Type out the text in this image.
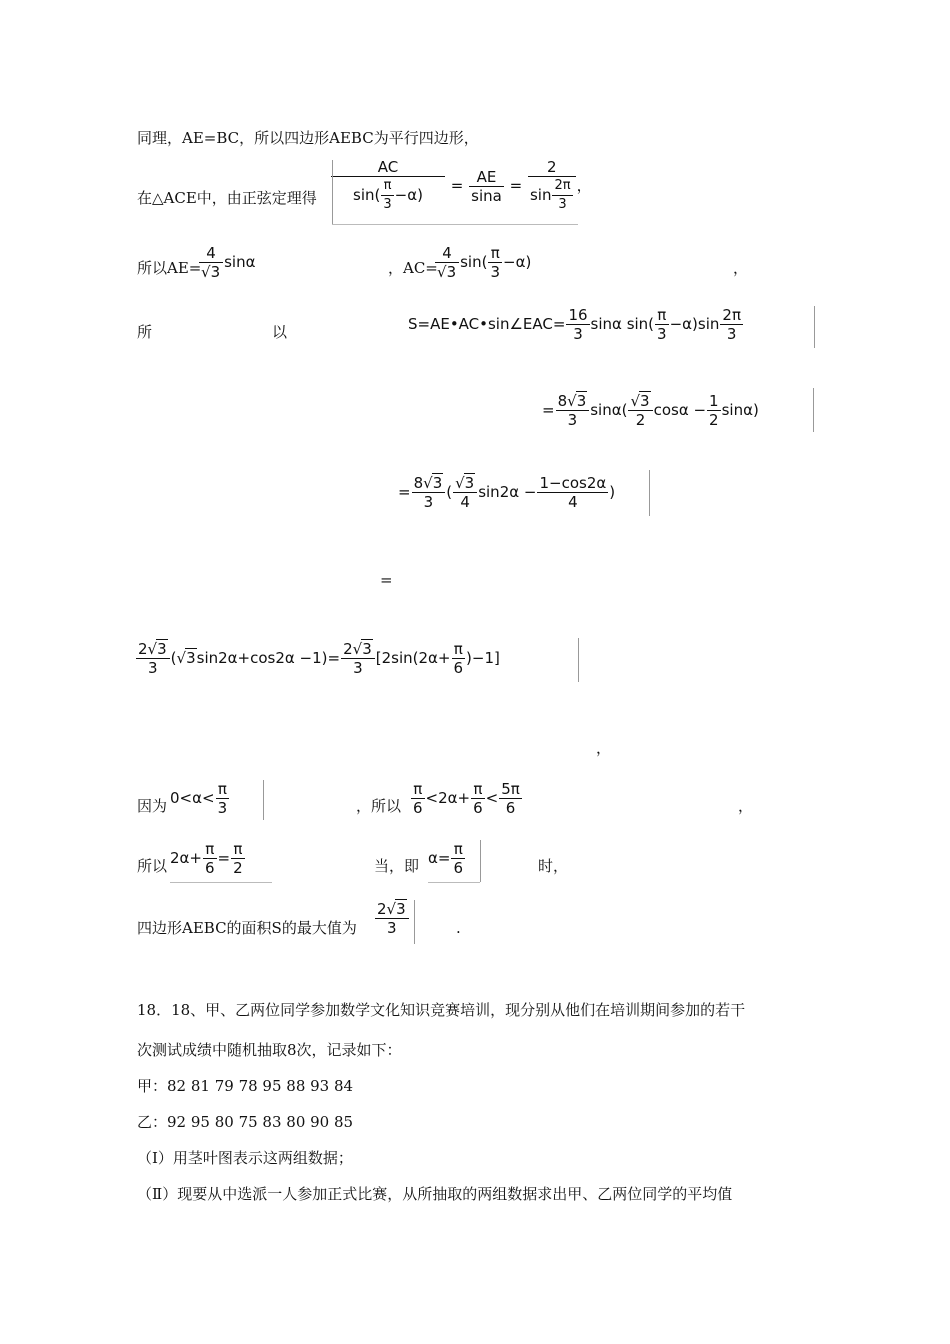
同理，AE=BC，所以四边形AEBC为平行四边形，
在△ACE中，由正弦定理得 $\frac{AC}{\sin( \frac{\pi}{3} -\alpha)} = \frac{AE}{\sin a} = \frac{2}{\sin \frac{2\pi}{3}}$ ，
所以AE=
$\frac{4}{√3}$ sinα	，AC=
$\frac{4}{√3} \sin( \frac{\pi}{3} -\alpha)$	，
所	以	S=AE•AC•sin∠EAC= $\frac{16}{3}$ sinα $\sin( \frac{\pi}{3} -\alpha)\sin \frac{2\pi}{3}$
= $\frac{8√3}{3} \sin\alpha( \frac{√3}{2}$ $\cos\alpha - \frac{1}{2} \sin\alpha$)
= $\frac{8√3}{3}$ ( $\frac{√3}{4} \sin 2\alpha - \frac{1-\cos 2\alpha}{4}$ )
=
$\frac{2√3}{3} (√3\sin 2\alpha+\cos 2\alpha -1)= \frac{2√3}{3} [2\sin(2\alpha+ \frac{\pi}{6} )-1]$
，
因为 $0<\alpha< \frac{\pi}{3}$	，所以 $\frac{\pi}{6} <2\alpha+ \frac{\pi}{6} < \frac{5\pi}{6}$	，
所以 $2\alpha+ \frac{\pi}{6} = \frac{\pi}{2}$	当，即 $\alpha= \frac{\pi}{6}$	时，
四边形AEBC的面积S的最大值为 $\frac{2√3}{3}$	.
18．18、甲、乙两位同学参加数学文化知识竞赛培训，现分别从他们在培训期间参加的若干
次测试成绩中随机抽取8次，记录如下：
甲：82 81 79 78 95 88 93 84
乙：92 95 80 75 83 80 90 85
（Ⅰ）用茎叶图表示这两组数据；
（Ⅱ）现要从中选派一人参加正式比赛，从所抽取的两组数据求出甲、乙两位同学的平均值
